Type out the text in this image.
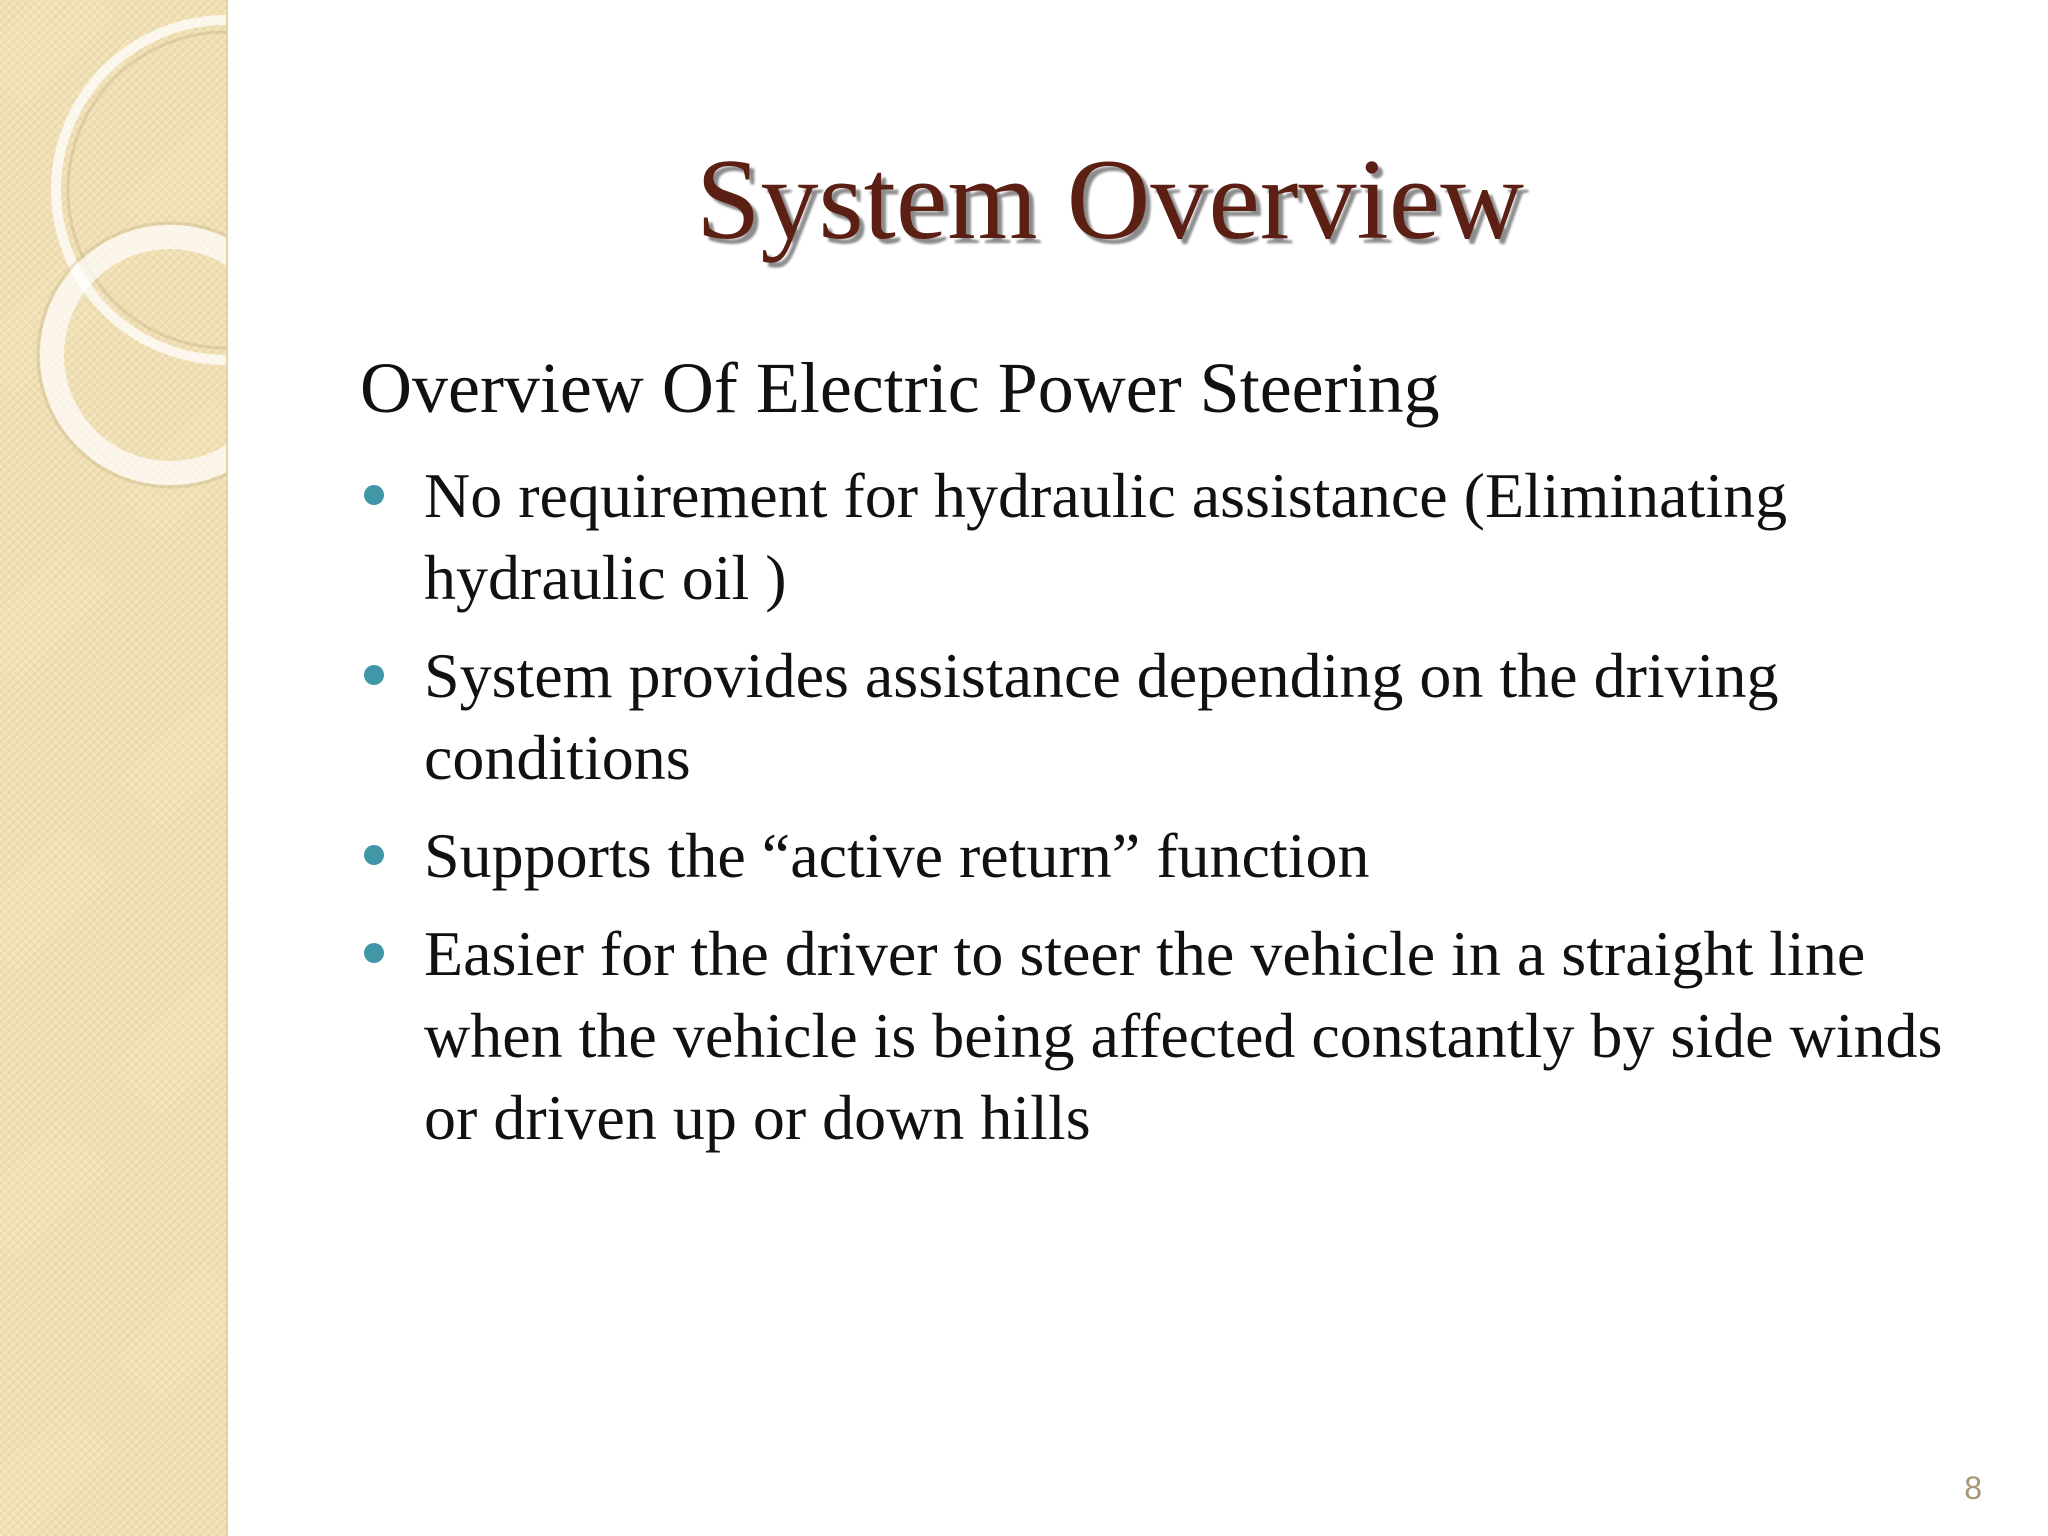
System Overview
Overview Of Electric Power Steering
No requirement for hydraulic assistance (Eliminating hydraulic oil )
System provides assistance depending on the driving conditions
Supports the “active return” function
Easier for the driver to steer the vehicle in a straight line when the vehicle is being affected constantly by side winds or driven up or down hills
8
